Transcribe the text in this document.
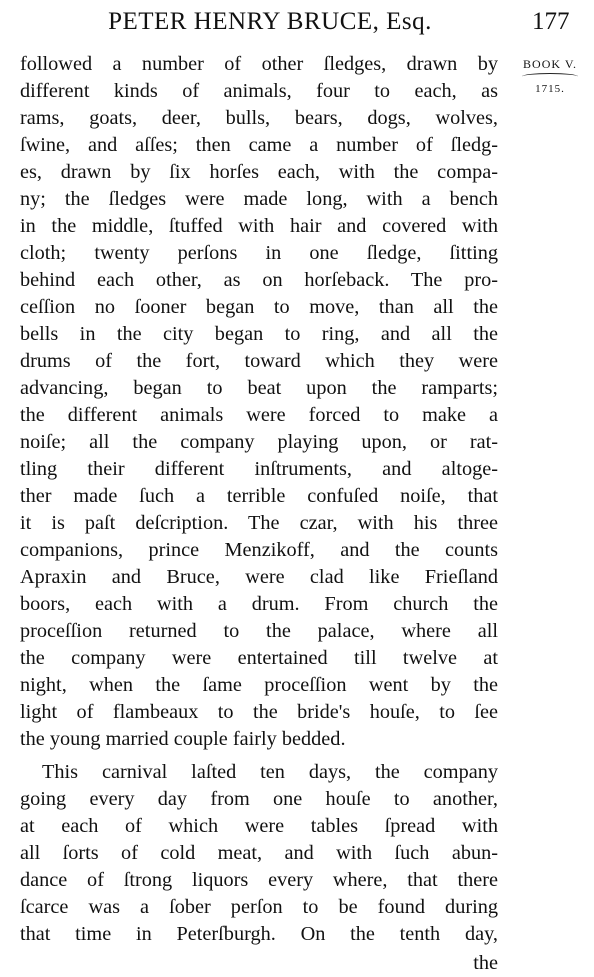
PETER HENRY BRUCE, Esq.	177
BOOK V.
1715.
followed a number of other ſledges, drawn by
different kinds of animals, four to each, as
rams, goats, deer, bulls, bears, dogs, wolves,
ſwine, and aſſes; then came a number of ſledg-
es, drawn by ſix horſes each, with the compa-
ny; the ſledges were made long, with a bench
in the middle, ſtuffed with hair and covered with
cloth; twenty perſons in one ſledge, ſitting
behind each other, as on horſeback. The pro-
ceſſion no ſooner began to move, than all the
bells in the city began to ring, and all the
drums of the fort, toward which they were
advancing, began to beat upon the ramparts;
the different animals were forced to make a
noiſe; all the company playing upon, or rat-
tling their different inſtruments, and altoge-
ther made ſuch a terrible confuſed noiſe, that
it is paſt deſcription. The czar, with his three
companions, prince Menzikoff, and the counts
Apraxin and Bruce, were clad like Frieſland
boors, each with a drum. From church the
proceſſion returned to the palace, where all
the company were entertained till twelve at
night, when the ſame proceſſion went by the
light of flambeaux to the bride's houſe, to ſee
the young married couple fairly bedded.
This carnival laſted ten days, the company
going every day from one houſe to another,
at each of which were tables ſpread with
all ſorts of cold meat, and with ſuch abun-
dance of ſtrong liquors every where, that there
ſcarce was a ſober perſon to be found during
that time in Peterſburgh. On the tenth day,
the
